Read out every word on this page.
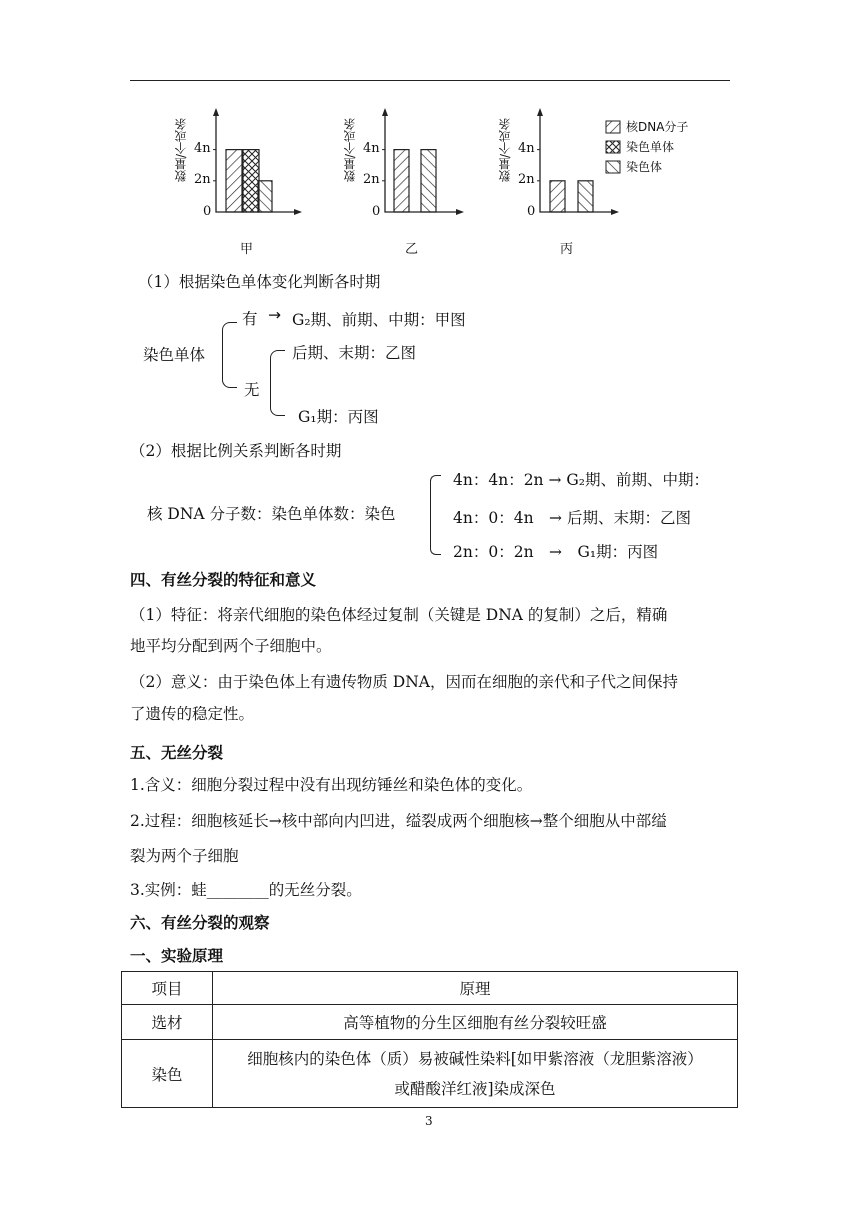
4n
2n
0
数量/个或条
甲
4n
2n
0
数量/个或条
乙
4n
2n
0
数量/个或条
丙
核DNA分子
染色单体
染色体
（1）根据染色单体变化判断各时期
染色单体
有 → G₂期、前期、中期：甲图
无
后期、末期：乙图
G₁期：丙图
（2）根据比例关系判断各时期
核 DNA 分子数：染色单体数：染色
4n：4n：2n → G₂期、前期、中期：
4n：0：4n　→ 后期、末期：乙图
2n：0：2n　→　G₁期：丙图
四、有丝分裂的特征和意义
（1）特征：将亲代细胞的染色体经过复制（关键是 DNA 的复制）之后，精确
地平均分配到两个子细胞中。
（2）意义：由于染色体上有遗传物质 DNA，因而在细胞的亲代和子代之间保持
了遗传的稳定性。
五、无丝分裂
1.含义：细胞分裂过程中没有出现纺锤丝和染色体的变化。
2.过程：细胞核延长→核中部向内凹进，缢裂成两个细胞核→整个细胞从中部缢
裂为两个子细胞
3.实例：蛙________的无丝分裂。
六、有丝分裂的观察
一、实验原理
项目	原理
选材	高等植物的分生区细胞有丝分裂较旺盛
染色	细胞核内的染色体（质）易被碱性染料[如甲紫溶液（龙胆紫溶液）
或醋酸洋红液]染成深色
3
